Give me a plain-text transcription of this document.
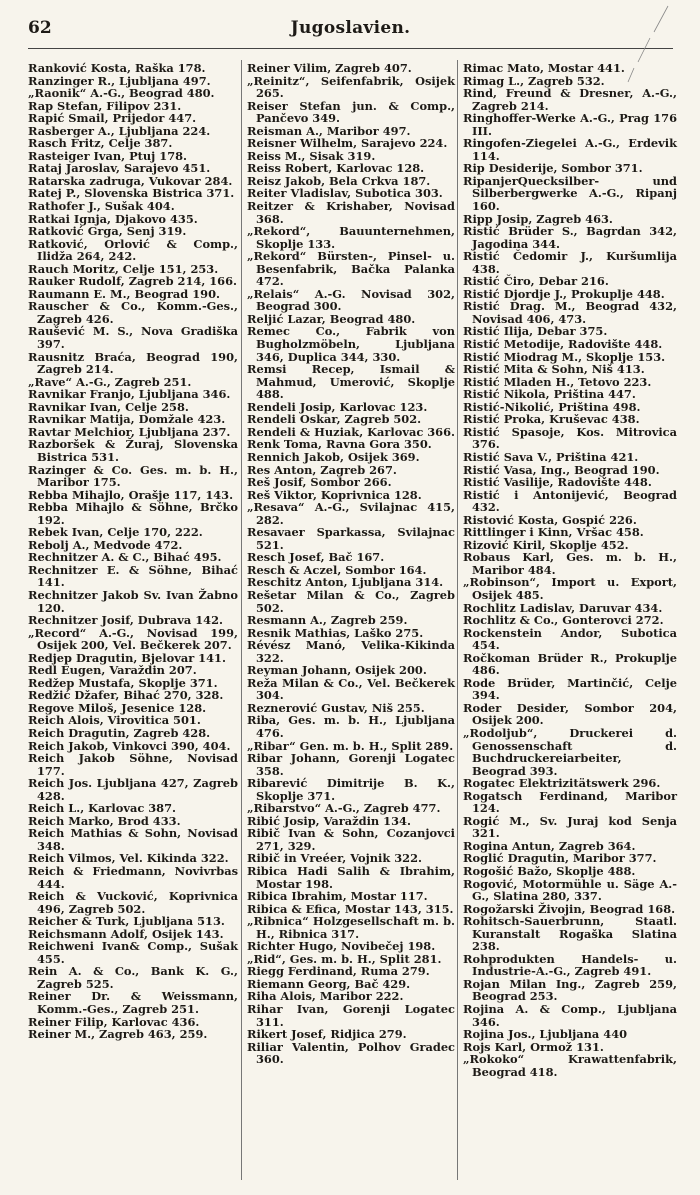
62	Jugoslavien.
Ranković Kosta, Raška 178.
Ranzinger R., Ljubljana 497.
„Raonik“ A.-G., Beograd 480.
Rap Stefan, Filipov 231.
Rapić Smail, Prijedor 447.
Rasberger A., Ljubljana 224.
Rasch Fritz, Celje 387.
Rasteiger Ivan, Ptuj 178.
Rataj Jaroslav, Sarajevo 451.
Ratarska zadruga, Vukovar 284.
Ratej P., Slovenska Bistrica 371.
Rathofer J., Sušak 404.
Ratkai Ignja, Djakovo 435.
Ratković Grga, Senj 319.
Ratković, Orlović & Comp., Ilidža 264, 242.
Rauch Moritz, Celje 151, 253.
Rauker Rudolf, Zagreb 214, 166.
Raumann E. M., Beograd 190.
Rauscher & Co., Komm.-Ges., Zagreb 426.
Raušević M. S., Nova Gradiška 397.
Rausnitz Braća, Beograd 190, Zagreb 214.
„Rave“ A.-G., Zagreb 251.
Ravnikar Franjo, Ljubljana 346.
Ravnikar Ivan, Celje 258.
Ravnikar Matija, Domžale 423.
Ravtar Melchior, Ljubljana 237.
Razboršek & Žuraj, Slovenska Bistrica 531.
Razinger & Co. Ges. m. b. H., Maribor 175.
Rebba Mihajlo, Orašje 117, 143.
Rebba Mihajlo & Söhne, Brčko 192.
Rebek Ivan, Celje 170, 222.
Rebolj A., Medvode 472.
Rechnitzer A. & C., Bihać 495.
Rechnitzer E. & Söhne, Bihać 141.
Rechnitzer Jakob Sv. Ivan Žabno 120.
Rechnitzer Josif, Dubrava 142.
„Record“ A.-G., Novisad 199, Osijek 200, Vel. Bečkerek 207.
Redjep Dragutin, Bjelovar 141.
Redl Eugen, Varaždin 207.
Redžep Mustafa, Skoplje 371.
Redžić Džafer, Bihać 270, 328.
Regove Miloš, Jesenice 128.
Reich Alois, Virovitica 501.
Reich Dragutin, Zagreb 428.
Reich Jakob, Vinkovci 390, 404.
Reich Jakob Söhne, Novisad 177.
Reich Jos. Ljubljana 427, Zagreb 428.
Reich L., Karlovac 387.
Reich Marko, Brod 433.
Reich Mathias & Sohn, Novisad 348.
Reich Vilmos, Vel. Kikinda 322.
Reich & Friedmann, Novivrbas 444.
Reich & Vucković, Koprivnica 496, Zagreb 502.
Reicher & Turk, Ljubljana 513.
Reichsmann Adolf, Osijek 143.
Reichweni Ivan& Comp., Sušak 455.
Rein A. & Co., Bank K. G., Zagreb 525.
Reiner Dr. & Weissmann, Komm.-Ges., Zagreb 251.
Reiner Filip, Karlovac 436.
Reiner M., Zagreb 463, 259.
Reiner Vilim, Zagreb 407.
„Reinitz“, Seifenfabrik, Osijek 265.
Reiser Stefan jun. & Comp., Pančevo 349.
Reisman A., Maribor 497.
Reisner Wilhelm, Sarajevo 224.
Reiss M., Sisak 319.
Reiss Robert, Karlovac 128.
Reisz Jakob, Bela Crkva 187.
Reiter Vladislav, Subotica 303.
Reitzer & Krishaber, Novisad 368.
„Rekord“, Bauunternehmen, Skoplje 133.
„Rekord“ Bürsten-, Pinsel- u. Besenfabrik, Bačka Palanka 472.
„Relais“ A.-G. Novisad 302, Beograd 300.
Reljić Lazar, Beograd 480.
Remec Co., Fabrik von Bugholzmöbeln, Ljubljana 346, Duplica 344, 330.
Remsi Recep, Ismail & Mahmud, Umerović, Skoplje 488.
Rendeli Josip, Karlovac 123.
Rendeli Oskar, Zagreb 502.
Rendeli & Huziak, Karlovac 366.
Renk Toma, Ravna Gora 350.
Rennich Jakob, Osijek 369.
Res Anton, Zagreb 267.
Reš Josif, Sombor 266.
Reš Viktor, Koprivnica 128.
„Resava“ A.-G., Svilajnac 415, 282.
Resavaer Sparkassa, Svilajnac 521.
Resch Josef, Bač 167.
Resch & Aczel, Sombor 164.
Reschitz Anton, Ljubljana 314.
Rešetar Milan & Co., Zagreb 502.
Resmann A., Zagreb 259.
Resnik Mathias, Laško 275.
Révész Manó, Velika-Kikinda 322.
Reyman Johann, Osijek 200.
Reža Milan & Co., Vel. Bečkerek 304.
Reznerović Gustav, Niš 255.
Riba, Ges. m. b. H., Ljubljana 476.
„Ribar“ Gen. m. b. H., Split 289.
Ribar Johann, Gorenji Logatec 358.
Ribarević Dimitrije B. K., Skoplje 371.
„Ribarstvo“ A.-G., Zagreb 477.
Ribić Josip, Varaždin 134.
Ribič Ivan & Sohn, Cozanjovci 271, 329.
Ribič in Vreéer, Vojnik 322.
Ribica Hadi Salih & Ibrahim, Mostar 198.
Ribica Ibrahim, Mostar 117.
Ribica & Efica, Mostar 143, 315.
„Ribnica“ Holzgesellschaft m. b. H., Ribnica 317.
Richter Hugo, Novibečej 198.
„Rid“, Ges. m. b. H., Split 281.
Riegg Ferdinand, Ruma 279.
Riemann Georg, Bač 429.
Riha Alois, Maribor 222.
Rihar Ivan, Gorenji Logatec 311.
Rikert Josef, Ridjica 279.
Riliar Valentin, Polhov Gradec 360.
Rimac Mato, Mostar 441.
Rimag L., Zagreb 532.
Rind, Freund & Dresner, A.-G., Zagreb 214.
Ringhoffer-Werke A.-G., Prag 176 III.
Ringofen-Ziegelei A.-G., Erdevik 114.
Rip Desiderije, Sombor 371.
RipanjerQuecksilber- und Silberbergwerke A.-G., Ripanj 160.
Ripp Josip, Zagreb 463.
Ristić Brüder S., Bagrdan 342, Jagodina 344.
Ristić Čedomir J., Kuršumlija 438.
Ristić Čiro, Debar 216.
Ristić Djordje J., Prokuplje 448.
Ristić Drag. M., Beograd 432, Novisad 406, 473.
Ristić Ilija, Debar 375.
Ristić Metodije, Radovište 448.
Ristić Miodrag M., Skoplje 153.
Ristić Mita & Sohn, Niš 413.
Ristić Mladen H., Tetovo 223.
Ristić Nikola, Priština 447.
Ristić-Nikolić, Priština 498.
Ristić Proka, Kruševac 438.
Ristić Spasoje, Kos. Mitrovica 376.
Ristić Sava V., Priština 421.
Ristić Vasa, Ing., Beograd 190.
Ristić Vasilije, Radovište 448.
Ristić i Antonijević, Beograd 432.
Ristović Kosta, Gospić 226.
Rittlinger i Kinn, Vršac 458.
Rizović Kiril, Skoplje 452.
Robaus Karl, Ges. m. b. H., Maribor 484.
„Robinson“, Import u. Export, Osijek 485.
Rochlitz Ladislav, Daruvar 434.
Rochlitz & Co., Gonterovci 272.
Rockenstein Andor, Subotica 454.
Ročkoman Brüder R., Prokuplje 486.
Rode Brüder, Martinčić, Celje 394.
Roder Desider, Sombor 204, Osijek 200.
„Rodoljub“, Druckerei d. Genossenschaft d. Buchdruckereiarbeiter, Beograd 393.
Rogatec Elektrizitätswerk 296.
Rogatsch Ferdinand, Maribor 124.
Rogić M., Sv. Juraj kod Senja 321.
Rogina Antun, Zagreb 364.
Roglić Dragutin, Maribor 377.
Rogošić Bažo, Skoplje 488.
Rogović, Motormühle u. Säge A.-G., Slatina 280, 337.
Rogožarski Živojin, Beograd 168.
Rohitsch-Sauerbrunn, Staatl. Kuranstalt Rogaška Slatina 238.
Rohprodukten Handels- u. Industrie-A.-G., Zagreb 491.
Rojan Milan Ing., Zagreb 259, Beograd 253.
Rojina A. & Comp., Ljubljana 346.
Rojina Jos., Ljubljana 440
Rojs Karl, Ormož 131.
„Rokoko“ Krawattenfabrik, Beograd 418.
